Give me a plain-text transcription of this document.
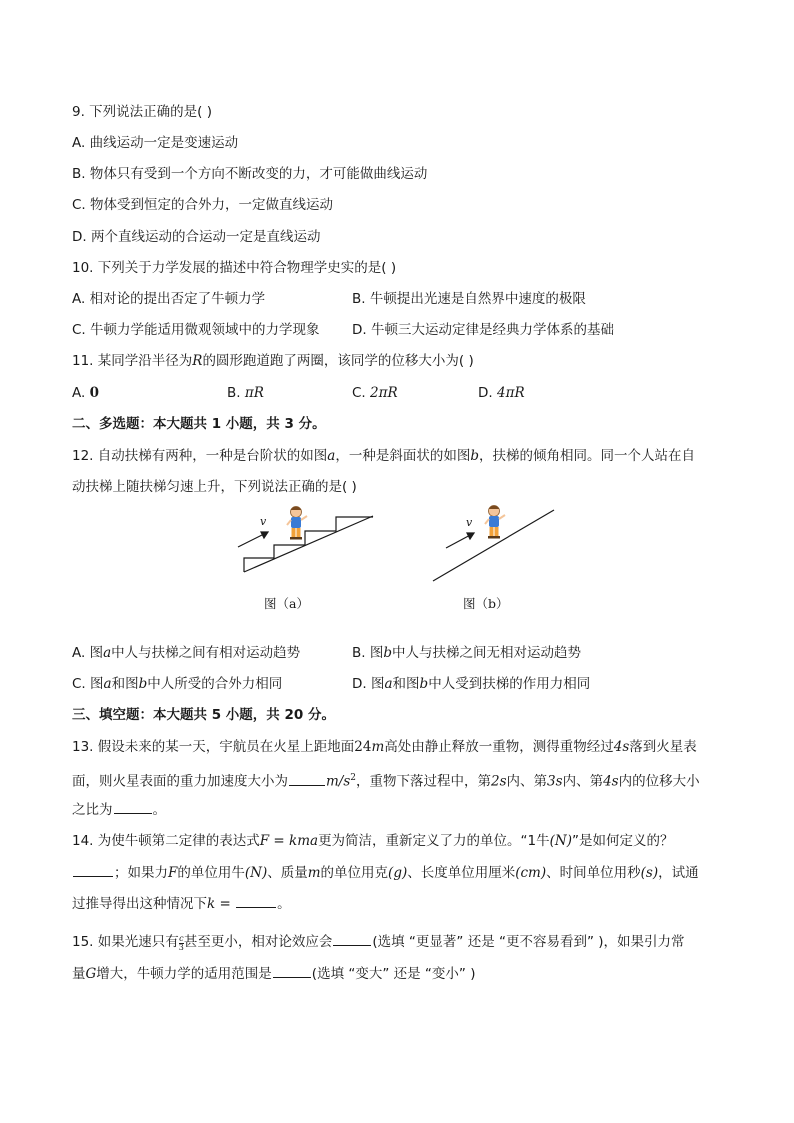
9. 下列说法正确的是( )
A. 曲线运动一定是变速运动
B. 物体只有受到一个方向不断改变的力，才可能做曲线运动
C. 物体受到恒定的合外力，一定做直线运动
D. 两个直线运动的合运动一定是直线运动
10. 下列关于力学发展的描述中符合物理学史实的是( )
A. 相对论的提出否定了牛顿力学	B. 牛顿提出光速是自然界中速度的极限
C. 牛顿力学能适用微观领域中的力学现象 D. 牛顿三大运动定律是经典力学体系的基础
11. 某同学沿半径为R的圆形跑道跑了两圈，该同学的位移大小为( )
A. 0	B. πR	C. 2πR	D. 4πR
二、多选题：本大题共 1 小题，共 3 分。
12. 自动扶梯有两种，一种是台阶状的如图a，一种是斜面状的如图b，扶梯的倾角相同。同一个人站在自
动扶梯上随扶梯匀速上升，下列说法正确的是( )
v
图（a）
v
图（b）
A. 图a中人与扶梯之间有相对运动趋势	B. 图b中人与扶梯之间无相对运动趋势
C. 图a和图b中人所受的合外力相同	D. 图a和图b中人受到扶梯的作用力相同
三、填空题：本大题共 5 小题，共 20 分。
13. 假设未来的某一天，宇航员在火星上距地面24m高处由静止释放一重物，测得重物经过4s落到火星表
面，则火星表面的重力加速度大小为	$m/s^2$，重物下落过程中，第2s内、第3s内、第4s内的位移大小
之比为	。
14. 为使牛顿第二定律的表达式F = kma更为简洁，重新定义了力的单位。“1牛(N)”是如何定义的？
；如果力F的单位用牛(N)、质量m的单位用克(g)、长度单位用厘米(cm)、时间单位用秒(s)，试通
过推导得出这种情况下k =	。
15. 如果光速只有 $\frac{c}{3}$ 甚至更小，相对论效应会	(选填 “更显著” 还是 “更不容易看到” )，如果引力常
量G增大，牛顿力学的适用范围是	(选填 “变大” 还是 “变小” )
